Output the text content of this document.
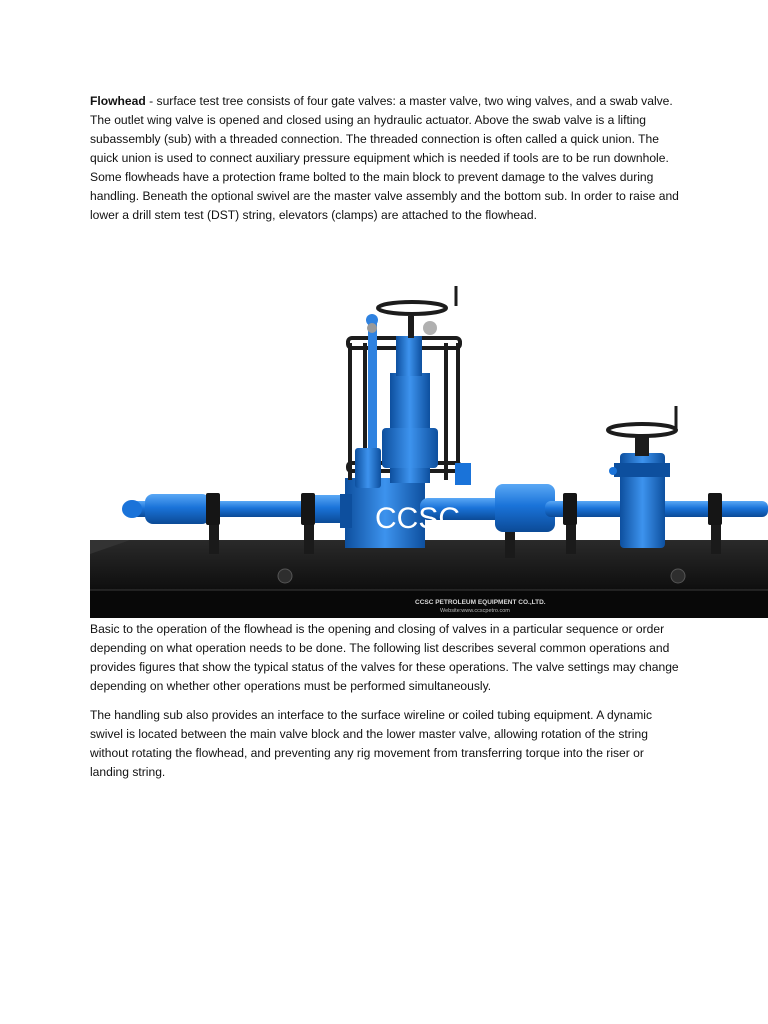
Flowhead - surface test tree consists of four gate valves: a master valve, two wing valves, and a swab valve. The outlet wing valve is opened and closed using an hydraulic actuator. Above the swab valve is a lifting subassembly (sub) with a threaded connection. The threaded connection is often called a quick union. The quick union is used to connect auxiliary pressure equipment which is needed if tools are to be run downhole. Some flowheads have a protection frame bolted to the main block to prevent damage to the valves during handling. Beneath the optional swivel are the master valve assembly and the bottom sub. In order to raise and lower a drill stem test (DST) string, elevators (clamps) are attached to the flowhead.

CCSC
CCSC PETROLEUM EQUIPMENT CO.,LTD.
Website:www.ccscpetro.com

Basic to the operation of the flowhead is the opening and closing of valves in a particular sequence or order depending on what operation needs to be done. The following list describes several common operations and provides figures that show the typical status of the valves for these operations. The valve settings may change depending on whether other operations must be performed simultaneously.

The handling sub also provides an interface to the surface wireline or coiled tubing equipment. A dynamic swivel is located between the main valve block and the lower master valve, allowing rotation of the string without rotating the flowhead, and preventing any rig movement from transferring torque into the riser or landing string.
